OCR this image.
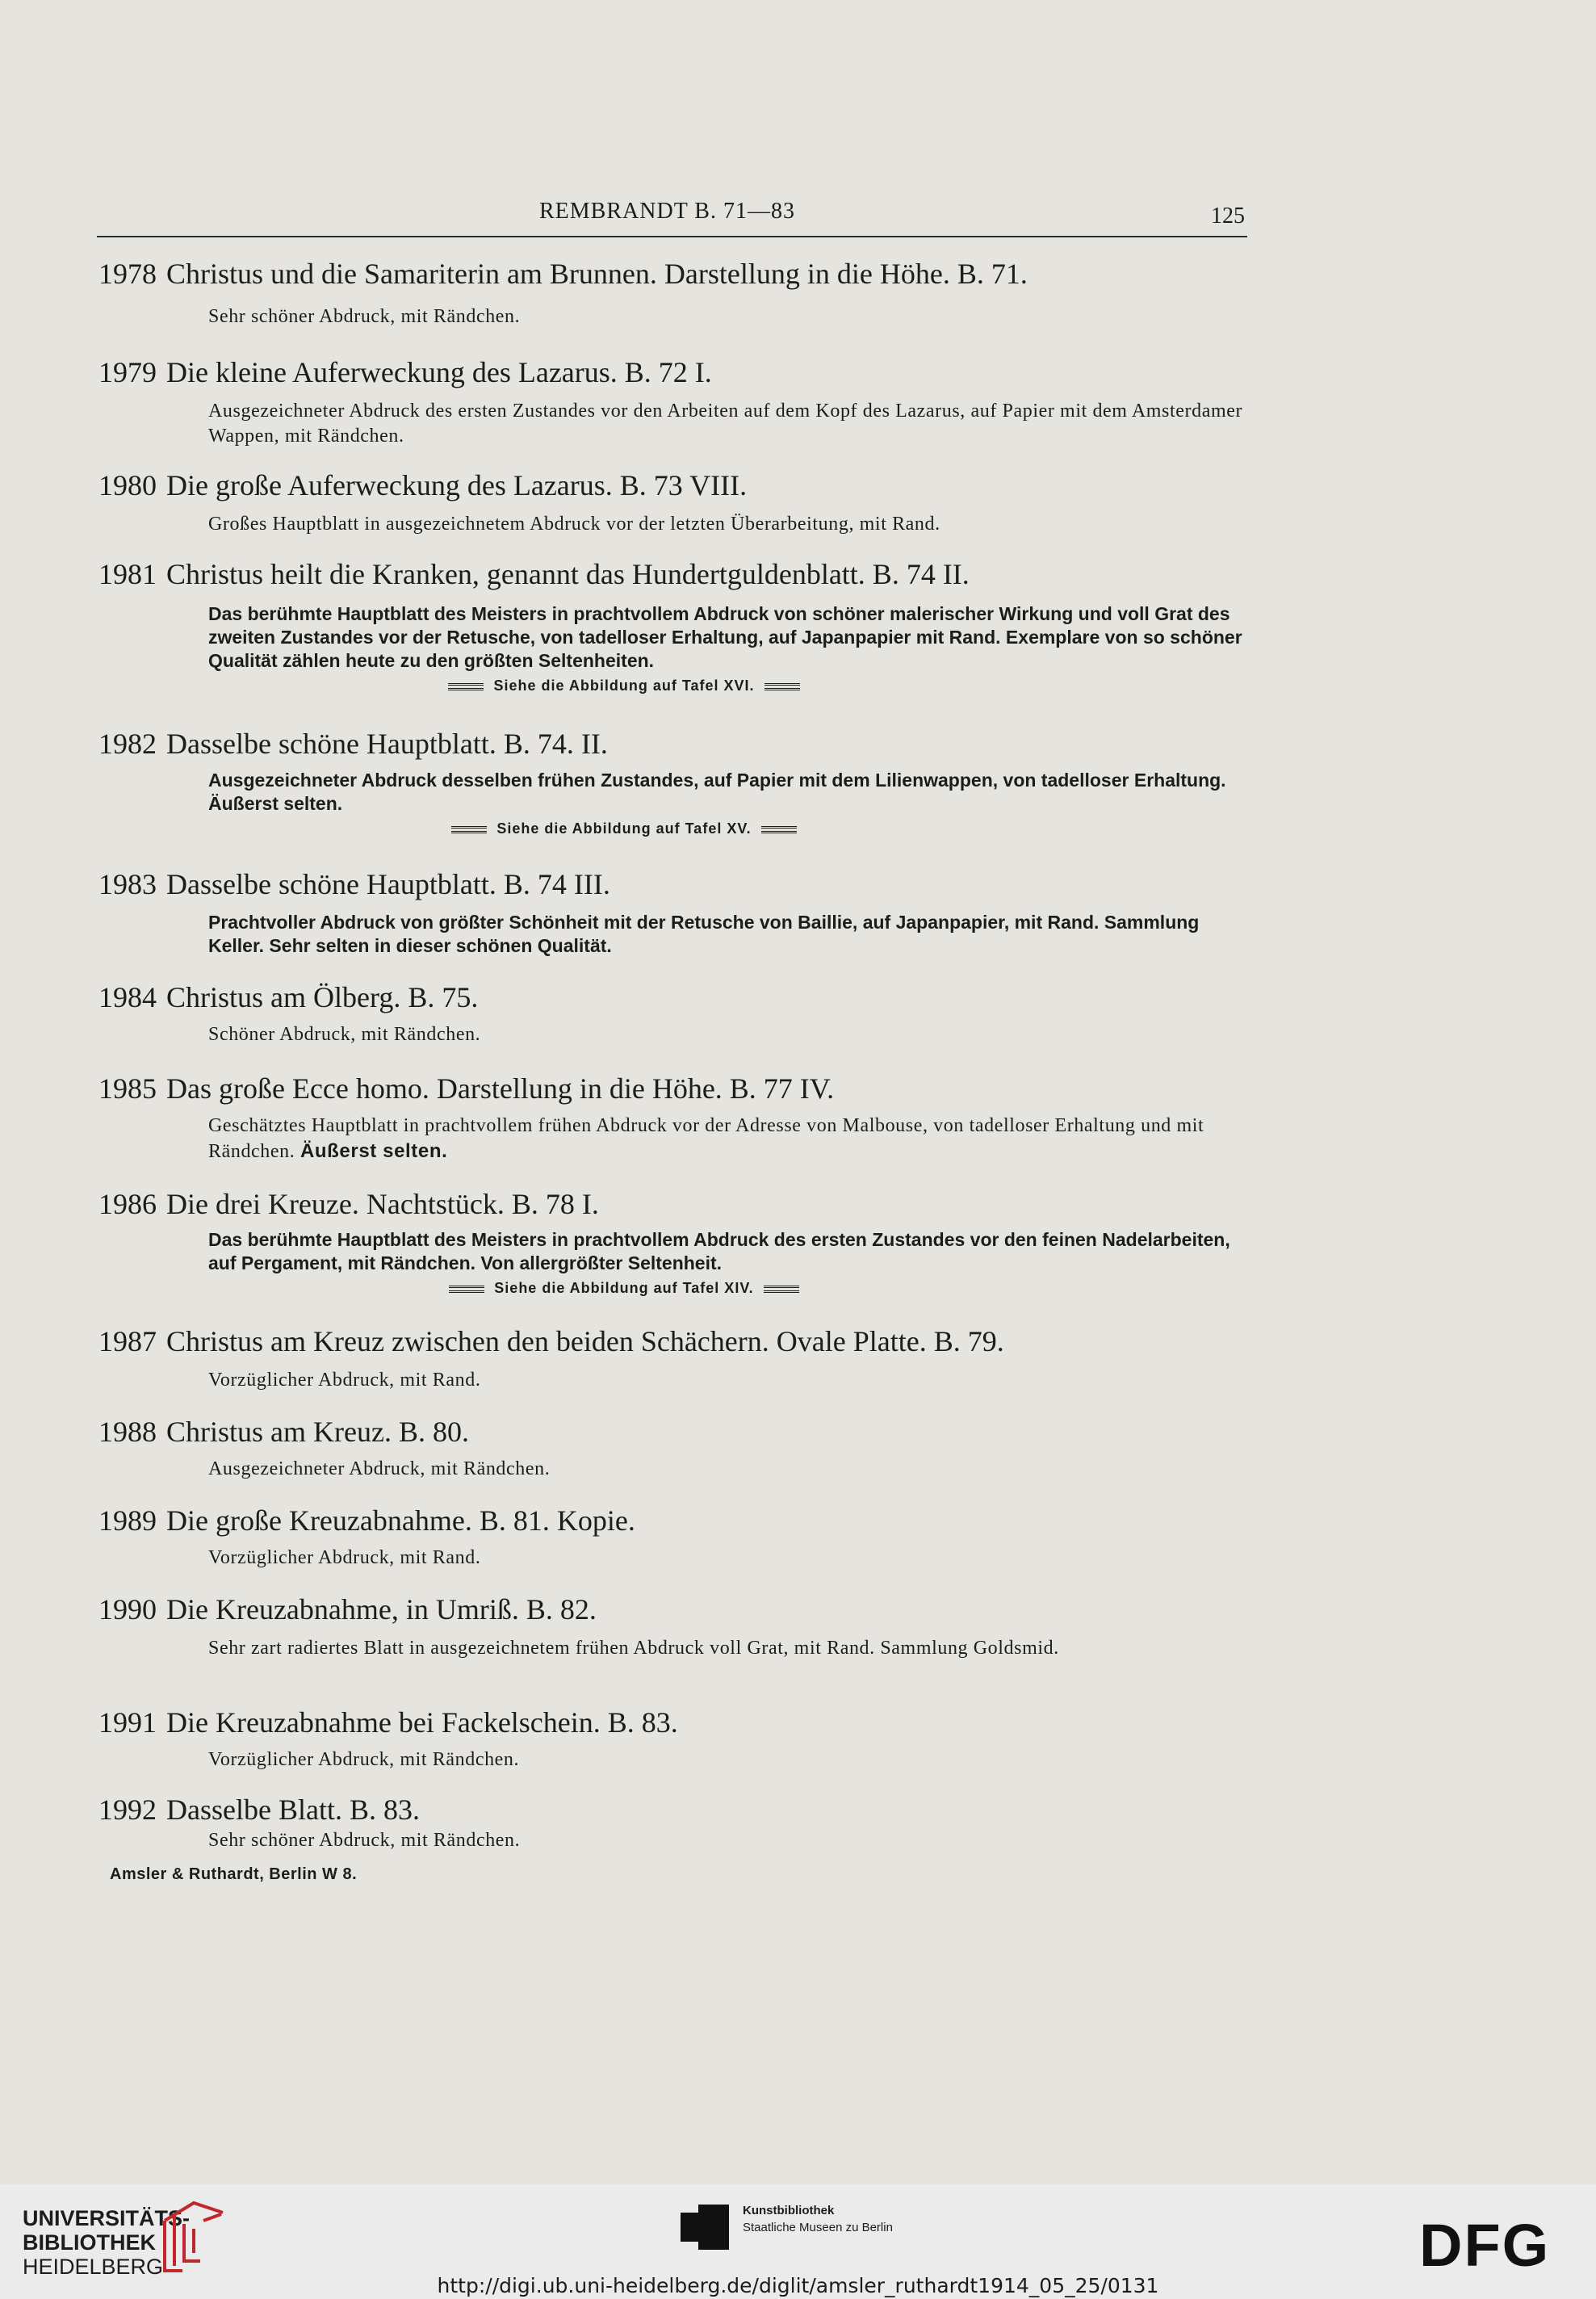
REMBRANDT B. 71—83	125
1978 Christus und die Samariterin am Brunnen. Darstellung in die Höhe. B. 71.
Sehr schöner Abdruck, mit Rändchen.
1979 Die kleine Auferweckung des Lazarus. B. 72 I.
Ausgezeichneter Abdruck des ersten Zustandes vor den Arbeiten auf dem Kopf des Lazarus, auf Papier mit dem Amsterdamer Wappen, mit Rändchen.
1980 Die große Auferweckung des Lazarus. B. 73 VIII.
Großes Hauptblatt in ausgezeichnetem Abdruck vor der letzten Überarbeitung, mit Rand.
1981 Christus heilt die Kranken, genannt das Hundertguldenblatt. B. 74 II.
Das berühmte Hauptblatt des Meisters in prachtvollem Abdruck von schöner malerischer Wirkung und voll Grat des zweiten Zustandes vor der Retusche, von tadelloser Erhaltung, auf Japanpapier mit Rand. Exemplare von so schöner Qualität zählen heute zu den größten Seltenheiten.
Siehe die Abbildung auf Tafel XVI.
1982 Dasselbe schöne Hauptblatt. B. 74. II.
Ausgezeichneter Abdruck desselben frühen Zustandes, auf Papier mit dem Lilienwappen, von tadelloser Erhaltung. Äußerst selten.
Siehe die Abbildung auf Tafel XV.
1983 Dasselbe schöne Hauptblatt. B. 74 III.
Prachtvoller Abdruck von größter Schönheit mit der Retusche von Baillie, auf Japanpapier, mit Rand. Sammlung Keller. Sehr selten in dieser schönen Qualität.
1984 Christus am Ölberg. B. 75.
Schöner Abdruck, mit Rändchen.
1985 Das große Ecce homo. Darstellung in die Höhe. B. 77 IV.
Geschätztes Hauptblatt in prachtvollem frühen Abdruck vor der Adresse von Malbouse, von tadelloser Erhaltung und mit Rändchen. Äußerst selten.
1986 Die drei Kreuze. Nachtstück. B. 78 I.
Das berühmte Hauptblatt des Meisters in prachtvollem Abdruck des ersten Zustandes vor den feinen Nadelarbeiten, auf Pergament, mit Rändchen. Von allergrößter Seltenheit.
Siehe die Abbildung auf Tafel XIV.
1987 Christus am Kreuz zwischen den beiden Schächern. Ovale Platte. B. 79.
Vorzüglicher Abdruck, mit Rand.
1988 Christus am Kreuz. B. 80.
Ausgezeichneter Abdruck, mit Rändchen.
1989 Die große Kreuzabnahme. B. 81. Kopie.
Vorzüglicher Abdruck, mit Rand.
1990 Die Kreuzabnahme, in Umriß. B. 82.
Sehr zart radiertes Blatt in ausgezeichnetem frühen Abdruck voll Grat, mit Rand. Sammlung Goldsmid.
1991 Die Kreuzabnahme bei Fackelschein. B. 83.
Vorzüglicher Abdruck, mit Rändchen.
1992 Dasselbe Blatt. B. 83.
Sehr schöner Abdruck, mit Rändchen.
Amsler & Ruthardt, Berlin W 8.
UNIVERSITÄTS-
BIBLIOTHEK
HEIDELBERG
Kunstbibliothek
Staatliche Museen zu Berlin	DFG
http://digi.ub.uni-heidelberg.de/diglit/amsler_ruthardt1914_05_25/0131
